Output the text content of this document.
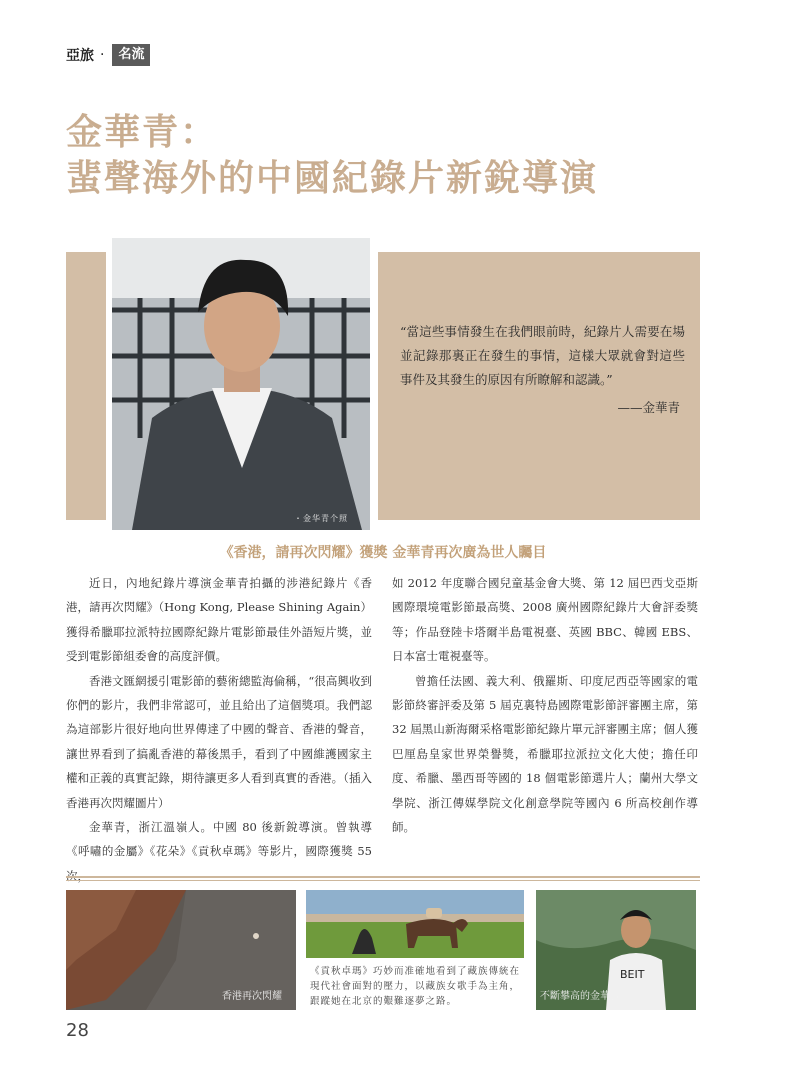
亞旅 ·	名流
金華青：
蜚聲海外的中國紀錄片新銳導演
・金华青个照
“當這些事情發生在我們眼前時，紀錄片人需要在場並記錄那裏正在發生的事情，這樣大眾就會對這些事件及其發生的原因有所瞭解和認識。”
——金華青
《香港，請再次閃耀》獲獎 金華青再次廣為世人矚目

近日，內地紀錄片導演金華青拍攝的涉港紀錄片《香港，請再次閃耀》（Hong Kong, Please Shining Again）獲得希臘耶拉派特拉國際紀錄片電影節最佳外語短片獎，並受到電影節組委會的高度評價。

香港文匯網援引電影節的藝術總監海倫稱，“很高興收到你們的影片，我們非常認可，並且給出了這個獎項。我們認為這部影片很好地向世界傳達了中國的聲音、香港的聲音，讓世界看到了搞亂香港的幕後黑手，看到了中國維護國家主權和正義的真實記錄，期待讓更多人看到真實的香港。（插入香港再次閃耀圖片）

金華青，浙江溫嶺人。中國 80 後新銳導演。曾執導《呼嘯的金屬》《花朵》《貢秋卓瑪》等影片，國際獲獎 55

如 2012 年度聯合國兒童基金會大獎、第 12 屆巴西戈亞斯國際環境電影節最高獎、2008 廣州國際紀錄片大會評委獎等；作品登陸卡塔爾半島電視臺、英國 BBC、韓國 EBS、日本富士電視臺等。

曾擔任法國、義大利、俄羅斯、印度尼西亞等國家的電影節終審評委及第 5 屆克裏特島國際電影節評審團主席，第 32 屆黑山新海爾采格電影節紀錄片單元評審團主席；個人獲巴厘島皇家世界榮譽獎，希臘耶拉派拉文化大使；擔任印度、希臘、墨西哥等國的 18 個電影節選片人；蘭州大學文學院、浙江傳媒學院文化創意學院等國內 6 所高校創作導師。

香港再次閃耀
《貢秋卓瑪》巧妙而准確地看到了藏族傳統在現代社會面對的壓力，以藏族女歌手為主角，跟蹤她在北京的艱難逐夢之路。
BEIT
不斷攀高的金華青
28
